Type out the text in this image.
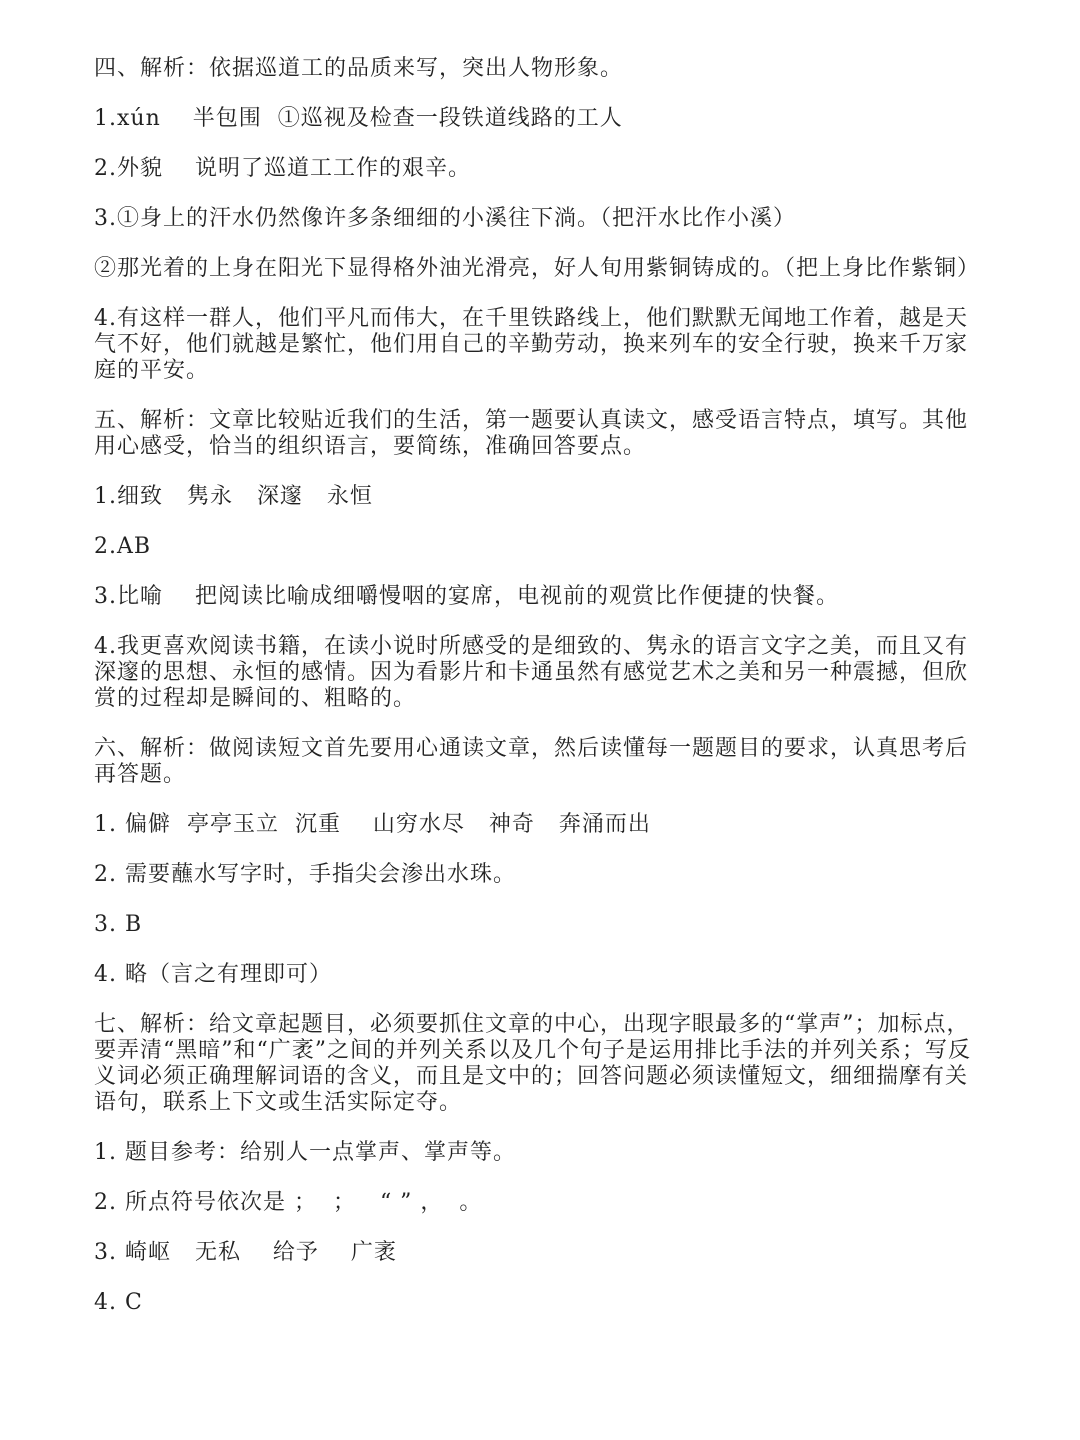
四、解析：依据巡道工的品质来写，突出人物形象。

1.xún    半包围  ①巡视及检查一段铁道线路的工人

2.外貌    说明了巡道工工作的艰辛。

3.①身上的汗水仍然像许多条细细的小溪往下淌。（把汗水比作小溪）

②那光着的上身在阳光下显得格外油光滑亮，好人旬用紫铜铸成的。（把上身比作紫铜）

4.有这样一群人，他们平凡而伟大，在千里铁路线上，他们默默无闻地工作着，越是天气不好，他们就越是繁忙，他们用自己的辛勤劳动，换来列车的安全行驶，换来千万家庭的平安。

五、解析：文章比较贴近我们的生活，第一题要认真读文，感受语言特点，填写。其他用心感受，恰当的组织语言，要简练，准确回答要点。

1.细致   隽永   深邃   永恒

2.AB

3.比喻    把阅读比喻成细嚼慢咽的宴席，电视前的观赏比作便捷的快餐。

4.我更喜欢阅读书籍，在读小说时所感受的是细致的、隽永的语言文字之美，而且又有深邃的思想、永恒的感情。因为看影片和卡通虽然有感觉艺术之美和另一种震撼，但欣赏的过程却是瞬间的、粗略的。

六、解析：做阅读短文首先要用心通读文章，然后读懂每一题题目的要求，认真思考后再答题。

1. 偏僻  亭亭玉立  沉重    山穷水尽   神奇   奔涌而出

2. 需要蘸水写字时，手指尖会渗出水珠。

3. B

4. 略（言之有理即可）

七、解析：给文章起题目，必须要抓住文章的中心，出现字眼最多的“掌声”；加标点，要弄清“黑暗”和“广袤”之间的并列关系以及几个句子是运用排比手法的并列关系；写反义词必须正确理解词语的含义，而且是文中的；回答问题必须读懂短文，细细揣摩有关语句，联系上下文或生活实际定夺。

1. 题目参考：给别人一点掌声、掌声等。

2. 所点符号依次是 ；  ；   “ ” ，  。

3. 崎岖   无私    给予    广袤

4. C
